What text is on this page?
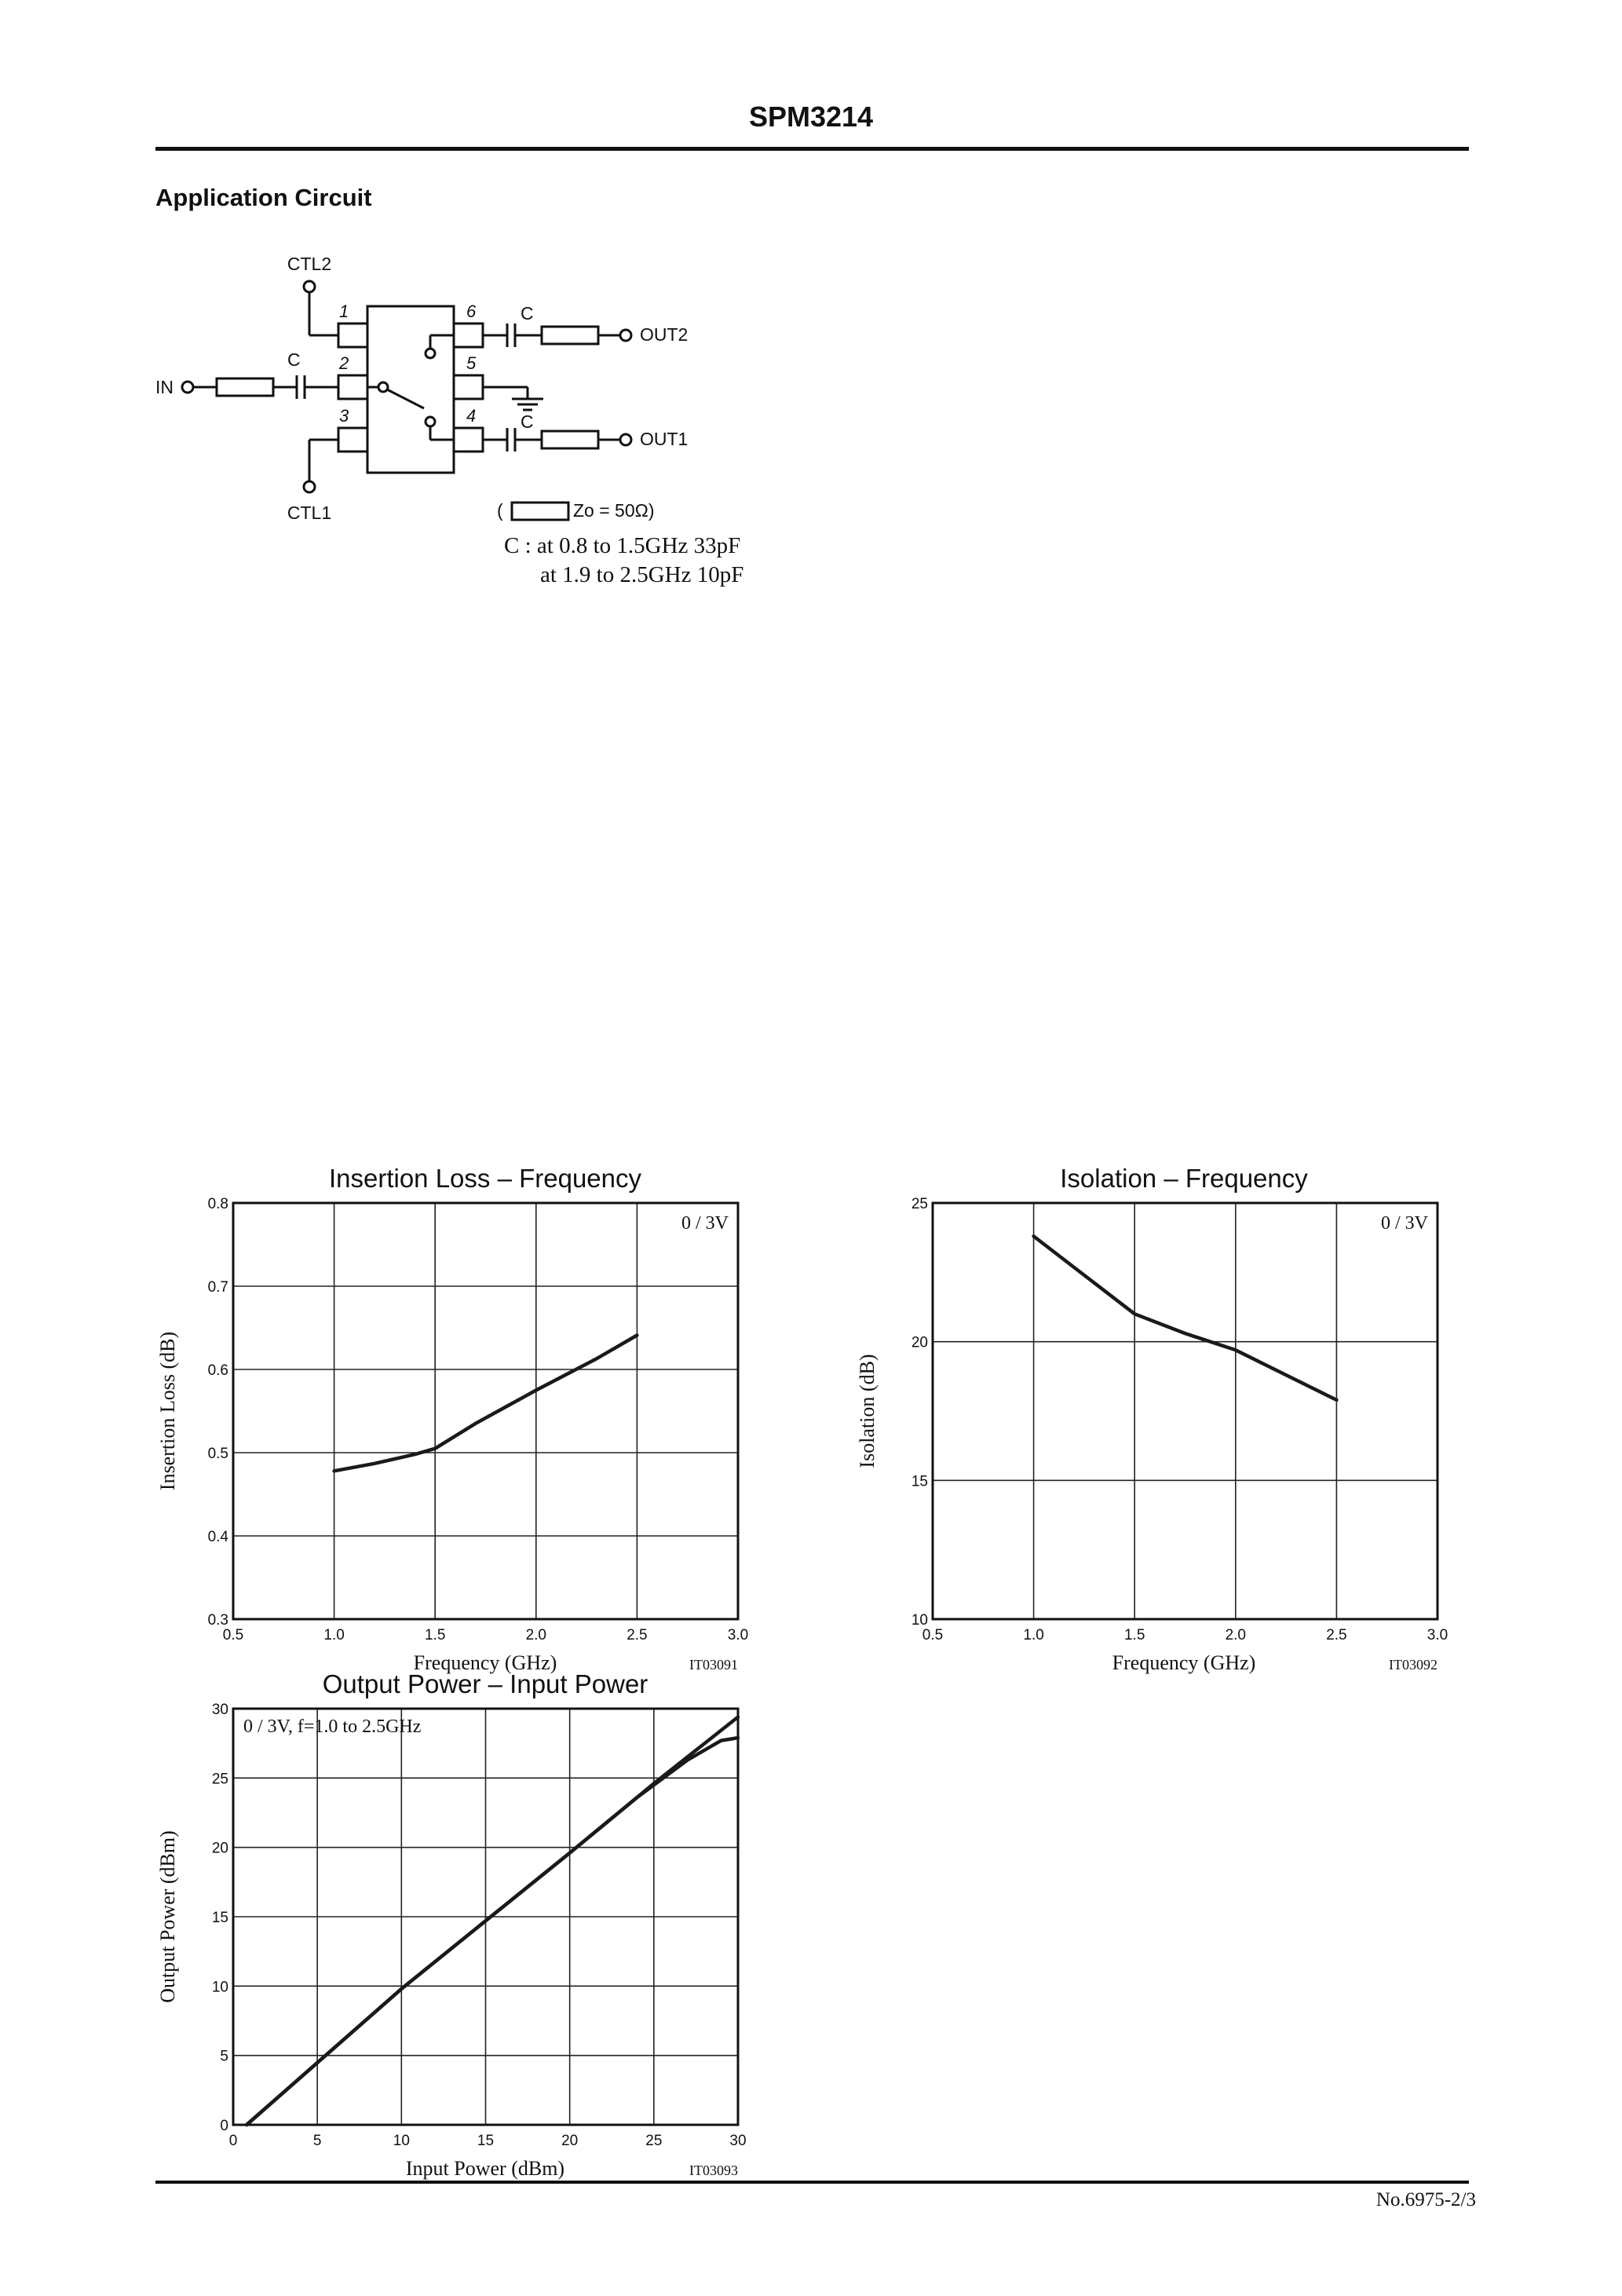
SPM3214
Application Circuit
CTL2
CTL1
IN
OUT2
OUT1
C
C
C
(	Zo = 50Ω)
1
2
3	4
5
6
C : at 0.8 to 1.5GHz 33pF
at 1.9 to 2.5GHz 10pF
Insertion Loss – Frequency
0.5	1.0	1.5	2.0	2.5	3.0
0.3
0.4
0.5
0.6
0.7
0.8
0 / 3V
Frequency (GHz)	IT03091
Insertion Loss (dB)
Isolation – Frequency
0.5	1.0	1.5	2.0	2.5	3.0
10
15
20
25
0 / 3V
Frequency (GHz)	IT03092
Isolation (dB)
Output Power – Input Power
0	5	10	15	20	25	30
0
5
10
15
20
25
30
0 / 3V, f=1.0 to 2.5GHz
Input Power (dBm)	IT03093
Output Power (dBm)
No.6975-2/3
